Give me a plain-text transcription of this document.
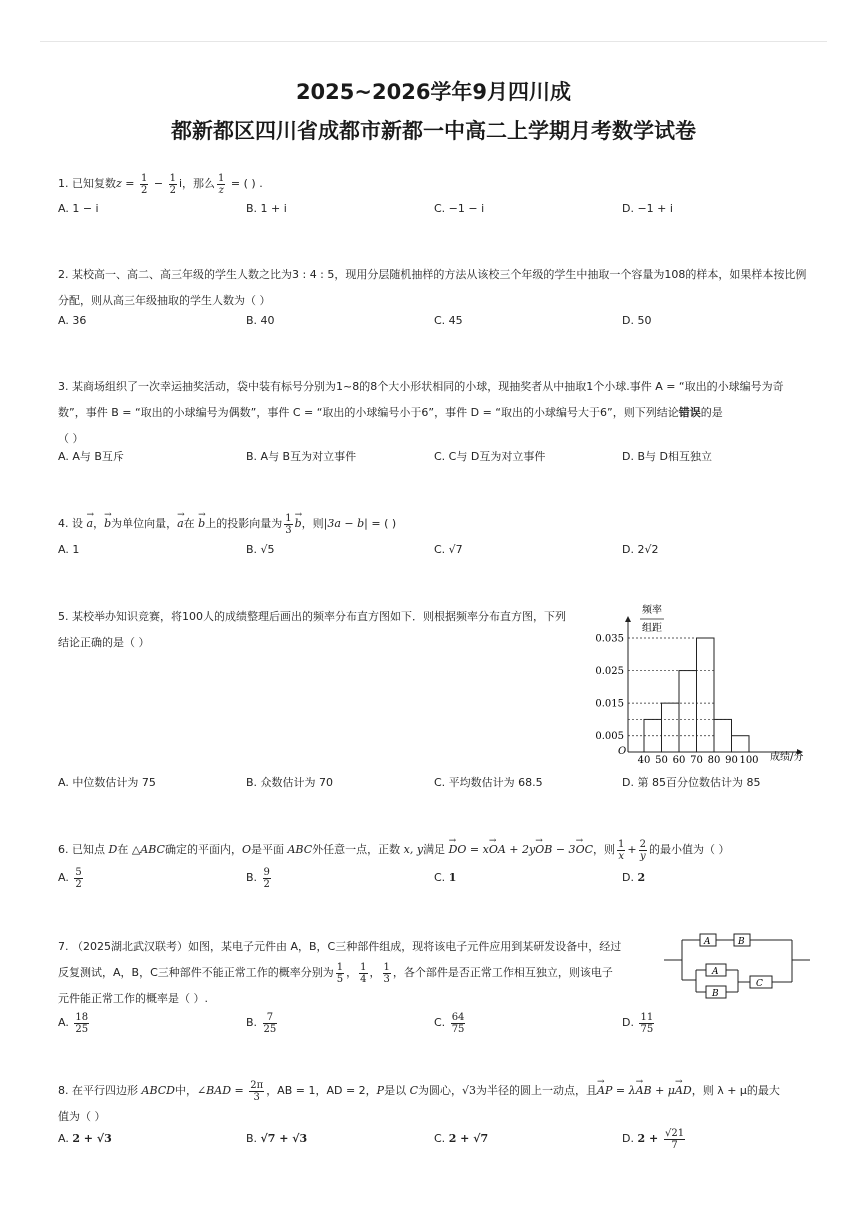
2025~2026学年9月四川成
都新都区四川省成都市新都一中高二上学期月考数学试卷
1. 已知复数$z = \frac{1}{2} - \frac{1}{2}$ i，那么 $\frac{1}{z}$ = ( ) .
A. 1 − i	B. 1 + i	C. −1 − i	D. −1 + i
2. 某校高一、高二、高三年级的学生人数之比为3 : 4 : 5，现用分层随机抽样的方法从该校三个年级的学生中抽取一个容量为108的样本，如果样本按比例分配，则从高三年级抽取的学生人数为（ ）
A. 36	B. 40	C. 45	D. 50
3. 某商场组织了一次幸运抽奖活动，袋中装有标号分别为1~8的8个大小形状相同的小球，现抽奖者从中抽取1个小球.事件 A = “取出的小球编号为奇
数”，事件 B = “取出的小球编号为偶数”，事件 C = “取出的小球编号小于6”，事件 D = “取出的小球编号大于6”，则下列结论错误的是
（ ）
A. A与 B互斥	B. A与 B互为对立事件	C. C与 D互为对立事件	D. B与 D相互独立
4. 设 → a，→ b为单位向量，→ a在 → b上的投影向量为 $\frac{1}{3}$
→ b，则|3a − b| = ( )
A. 1	B. √5	C. √7	D. 2√2
5. 某校举办知识竞赛，将100人的成绩整理后画出的频率分布直方图如下．则根据频率分布直方图，下列
结论正确的是（ ）
频率
组距
成绩/分
O
40 50 60 70 80 90 100
0.035
0.025
0.015
0.005
A. 中位数估计为 75	B. 众数估计为 70	C. 平均数估计为 68.5	D. 第 85百分位数估计为 85
6. 已知点 D在 △ABC确定的平面内，O是平面 ABC外任意一点，正数 x, y满足 → DO = x→ OA + 2y→ OB − 3→ OC，则 $\frac{1}{x} + \frac{2}{y}$ 的最小值为（ ）
A. $\frac{5}{2}$	B. $\frac{9}{2}$	C. 1	D. 2
7. （2025湖北武汉联考）如图，某电子元件由 A，B，C三种部件组成，现将该电子元件应用到某研发设备中，经过
反复测试，A，B，C三种部件不能正常工作的概率分别为 $\frac{1}{5}$ ， $\frac{1}{4}$ ， $\frac{1}{3}$ ，各个部件是否正常工作相互独立，则该电子
元件能正常工作的概率是（ ）.
A	B
A
B
C
A. $\frac{18}{25}$	B. $\frac{7}{25}$	C. $\frac{64}{75}$	D. $\frac{11}{75}$
8. 在平行四边形 ABCD中，∠BAD = $\frac{2\pi}{3}$ ，AB = 1，AD = 2，P是以 C为圆心，√3为半径的圆上一动点，且→ AP = λ→ AB + μ→ AD，则 λ + μ的最大
值为（ ）
A. 2 + √3	B. √7 + √3	C. 2 + √7	D. $2 + \frac{√21}{7}$
